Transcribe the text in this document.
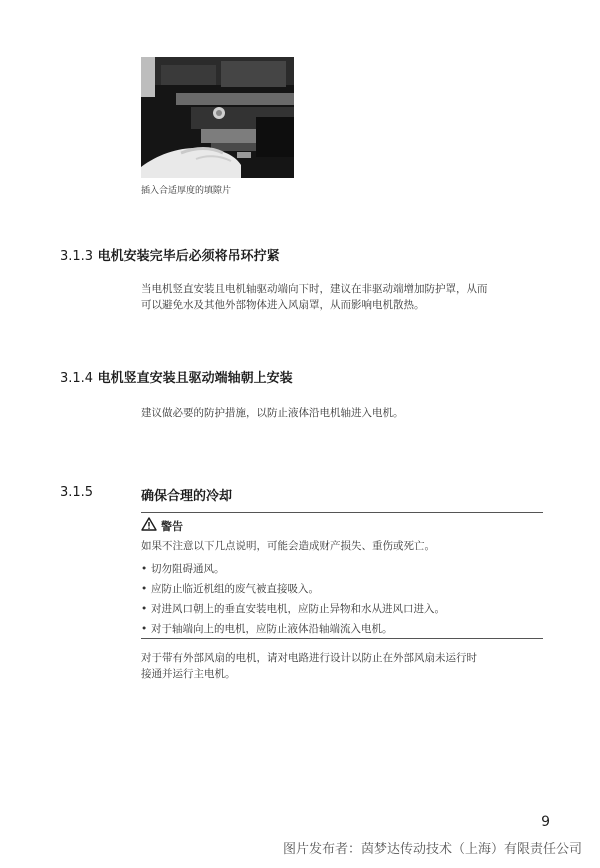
插入合适厚度的填隙片
3.1.3 电机安装完毕后必须将吊环拧紧
当电机竖直安装且电机轴驱动端向下时，建议在非驱动端增加防护罩，从而
可以避免水及其他外部物体进入风扇罩，从而影响电机散热。
3.1.4 电机竖直安装且驱动端轴朝上安装
建议做必要的防护措施，以防止液体沿电机轴进入电机。
3.1.5	确保合理的冷却
警告
如果不注意以下几点说明，可能会造成财产损失、重伤或死亡。
• 切勿阻碍通风。
• 应防止临近机组的废气被直接吸入。
• 对进风口朝上的垂直安装电机，应防止异物和水从进风口进入。
• 对于轴端向上的电机，应防止液体沿轴端流入电机。
对于带有外部风扇的电机，请对电路进行设计以防止在外部风扇未运行时
接通并运行主电机。
9
图片发布者：茵梦达传动技术（上海）有限责任公司
